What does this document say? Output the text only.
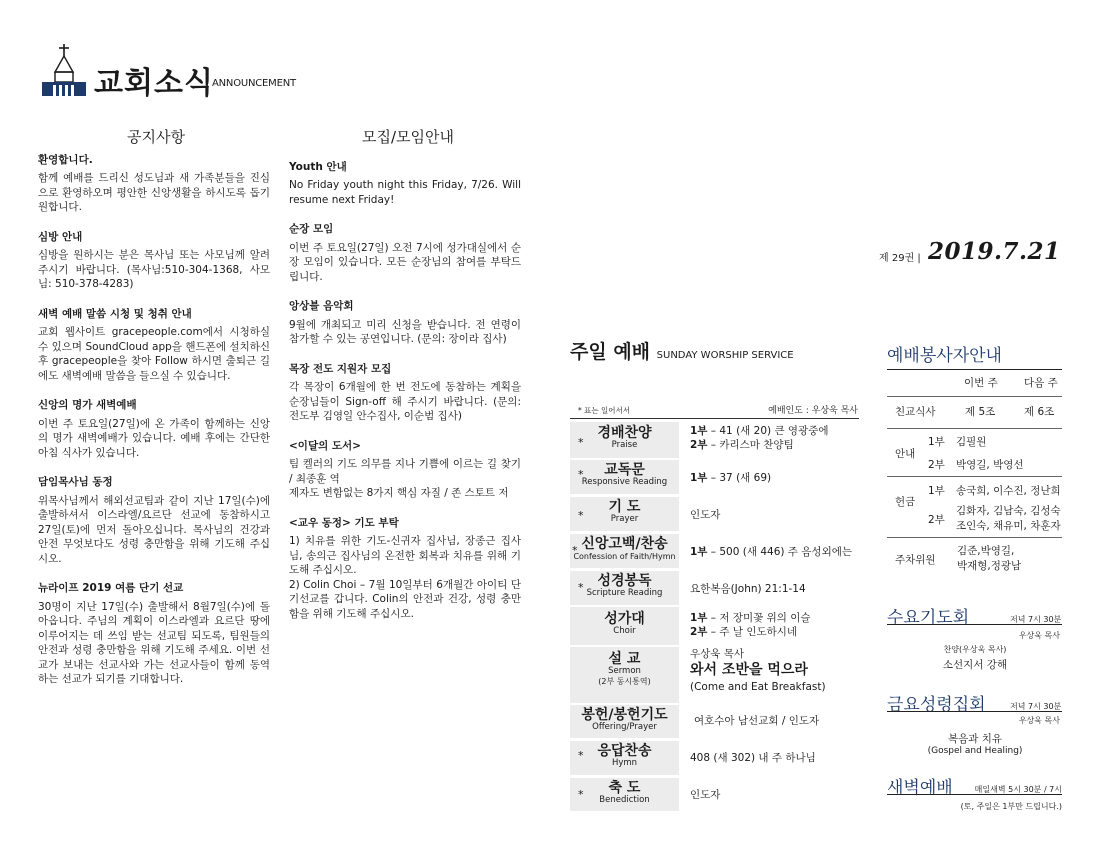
교회소식
ANNOUNCEMENT
공지사항
환영합니다.

함께 예배를 드리신 성도님과 새 가족분들을 진심으로 환영하오며 평안한 신앙생활을 하시도록 돕기 원합니다.

심방 안내

심방을 원하시는 분은 목사님 또는 사모님께 알려 주시기 바랍니다. (목사님:510-304-1368, 사모님: 510-378-4283)

새벽 예배 말씀 시청 및 청취 안내

교회 웹사이트 gracepeople.com에서 시청하실 수 있으며 SoundCloud app을 핸드폰에 설치하신 후 gracepeople을 찾아 Follow 하시면 출퇴근 길에도 새벽예배 말씀을 들으실 수 있습니다.

신앙의 명가 새벽예배

이번 주 토요일(27일)에 온 가족이 함께하는 신앙의 명가 새벽예배가 있습니다. 예배 후에는 간단한 아침 식사가 있습니다.

담임목사님 동정

위목사님께서 해외선교팀과 같이 지난 17일(수)에 출발하셔서 이스라엘/요르단 선교에 동참하시고 27일(토)에 먼저 돌아오십니다. 목사님의 건강과 안전 무엇보다도 성령 충만함을 위해 기도해 주십시오.

뉴라이프 2019 여름 단기 선교

30명이 지난 17일(수) 출발해서 8월7일(수)에 돌아옵니다. 주님의 계획이 이스라엘과 요르단 땅에 이루어지는 데 쓰임 받는 선교팀 되도록, 팀원들의 안전과 성령 충만함을 위해 기도해 주세요. 이번 선교가 보내는 선교사와 가는 선교사들이 함께 동역하는 선교가 되기를 기대합니다.

모집/모임안내
Youth 안내

No Friday youth night this Friday, 7/26. Will resume next Friday!

순장 모임

이번 주 토요일(27일) 오전 7시에 성가대실에서 순장 모임이 있습니다. 모든 순장님의 참여를 부탁드립니다.

앙상블 음악회

9월에 개최되고 미리 신청을 받습니다. 전 연령이 참가할 수 있는 공연입니다. (문의: 장이라 집사)

목장 전도 지원자 모집

각 목장이 6개월에 한 번 전도에 동참하는 계획을 순장님들이 Sign-off 해 주시기 바랍니다. (문의: 전도부 김영일 안수집사, 이순범 집사)

<이달의 도서>

팀 켈러의 기도 의무를 지나 기쁨에 이르는 길 찾기 / 최종훈 역
제자도 변함없는 8가지 핵심 자질 / 존 스토트 저

<교우 동정> 기도 부탁

1) 치유를 위한 기도-신귀자 집사님, 장종근 집사님, 송의근 집사님의 온전한 회복과 치유를 위해 기도해 주십시오.
2) Colin Choi – 7월 10일부터 6개월간 아이티 단기선교를 갑니다. Colin의 안전과 건강, 성령 충만함을 위해 기도해 주십시오.

제 29권 | 2019.7.21
주일 예배 SUNDAY WORSHIP SERVICE
* 표는 일어서서	예배인도 : 우상욱 목사
경배찬양
Praise
*
1부 – 41 (새 20) 큰 영광중에
2부 – 카리스마 찬양팀
교독문
Responsive Reading
*	1부 – 37 (새 69)
기 도
Prayer
*	인도자
신앙고백/찬송
Confession of Faith/Hymn
*	1부 – 500 (새 446) 주 음성외에는
성경봉독
Scripture Reading
*	요한복음(John) 21:1-14
성가대
Choir
1부 – 저 장미꽃 위의 이슬
2부 – 주 날 인도하시네
설 교
Sermon
(2부 동시통역)
우상욱 목사
와서 조반을 먹으라
(Come and Eat Breakfast)
봉헌/봉헌기도
Offering/Prayer
여호수아 남선교회 / 인도자
응답찬송
Hymn
*	408 (새 302) 내 주 하나님
축 도
Benediction
*	인도자
예배봉사자안내
이번 주 다음 주
친교식사	제 5조	제 6조
안내
1부 김필원
2부 박영길, 박영선
헌금
1부 송국희, 이수진, 정난희
2부
김화자, 김남숙, 김성숙
조인숙, 채유미, 차훈자
주차위원
김준,박영길,
박재형,정광남
수요기도회	저녁 7시 30분
우상욱 목사
찬양(우상욱 목사)
소선지서 강해
금요성령집회	저녁 7시 30분
우상욱 목사
복음과 치유
(Gospel and Healing)
새벽예배	매일새벽 5시 30분 / 7시
(토, 주일은 1부만 드립니다.)
